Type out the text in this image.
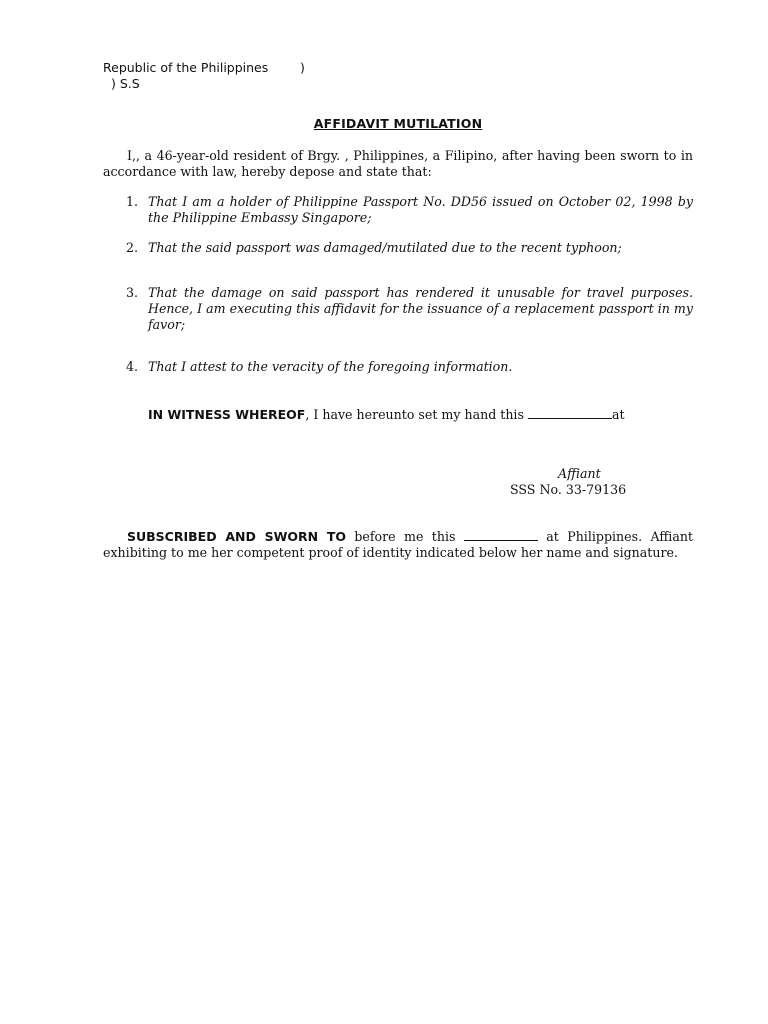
Republic of the Philippines	)
) S.S
AFFIDAVIT MUTILATION
I,, a 46-year-old resident of Brgy. , Philippines, a Filipino, after having been sworn to in accordance with law, hereby depose and state that:
1. That I am a holder of Philippine Passport No. DD56 issued on October 02, 1998 by the Philippine Embassy Singapore;
2. That the said passport was damaged/mutilated due to the recent typhoon;
3. That the damage on said passport has rendered it unusable for travel purposes. Hence, I am executing this affidavit for the issuance of a replacement passport in my favor;
4. That I attest to the veracity of the foregoing information.
IN WITNESS WHEREOF, I have hereunto set my hand this	at
Affiant
SSS No. 33-79136
SUBSCRIBED AND SWORN TO before me this	at Philippines. Affiant exhibiting to me her competent proof of identity indicated below her name and signature.
